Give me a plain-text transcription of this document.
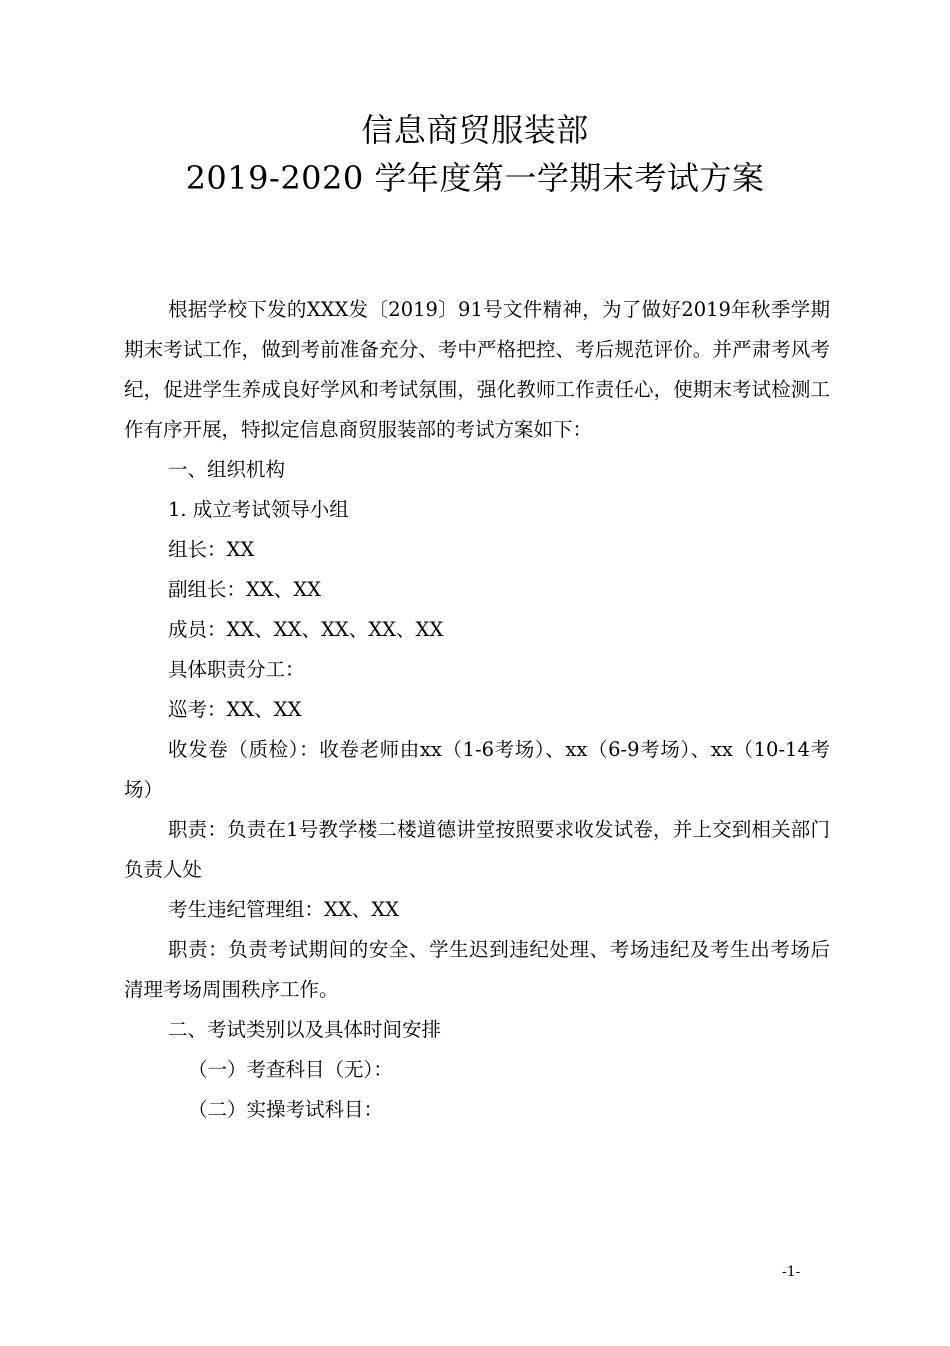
信息商贸服装部
2019-2020 学年度第一学期末考试方案

根据学校下发的XXX发〔2019〕91号文件精神，为了做好2019年秋季学期期末考试工作，做到考前准备充分、考中严格把控、考后规范评价。并严肃考风考纪，促进学生养成良好学风和考试氛围，强化教师工作责任心，使期末考试检测工作有序开展，特拟定信息商贸服装部的考试方案如下：

一、组织机构

1. 成立考试领导小组

组长：XX

副组长：XX、XX

成员：XX、XX、XX、XX、XX

具体职责分工：

巡考：XX、XX

收发卷（质检）：收卷老师由xx（1-6考场）、xx（6-9考场）、xx（10-14考场）

职责：负责在1号教学楼二楼道德讲堂按照要求收发试卷，并上交到相关部门负责人处

考生违纪管理组：XX、XX

职责：负责考试期间的安全、学生迟到违纪处理、考场违纪及考生出考场后清理考场周围秩序工作。

二、考试类别以及具体时间安排

（一）考查科目（无）：

（二）实操考试科目：

-1-
